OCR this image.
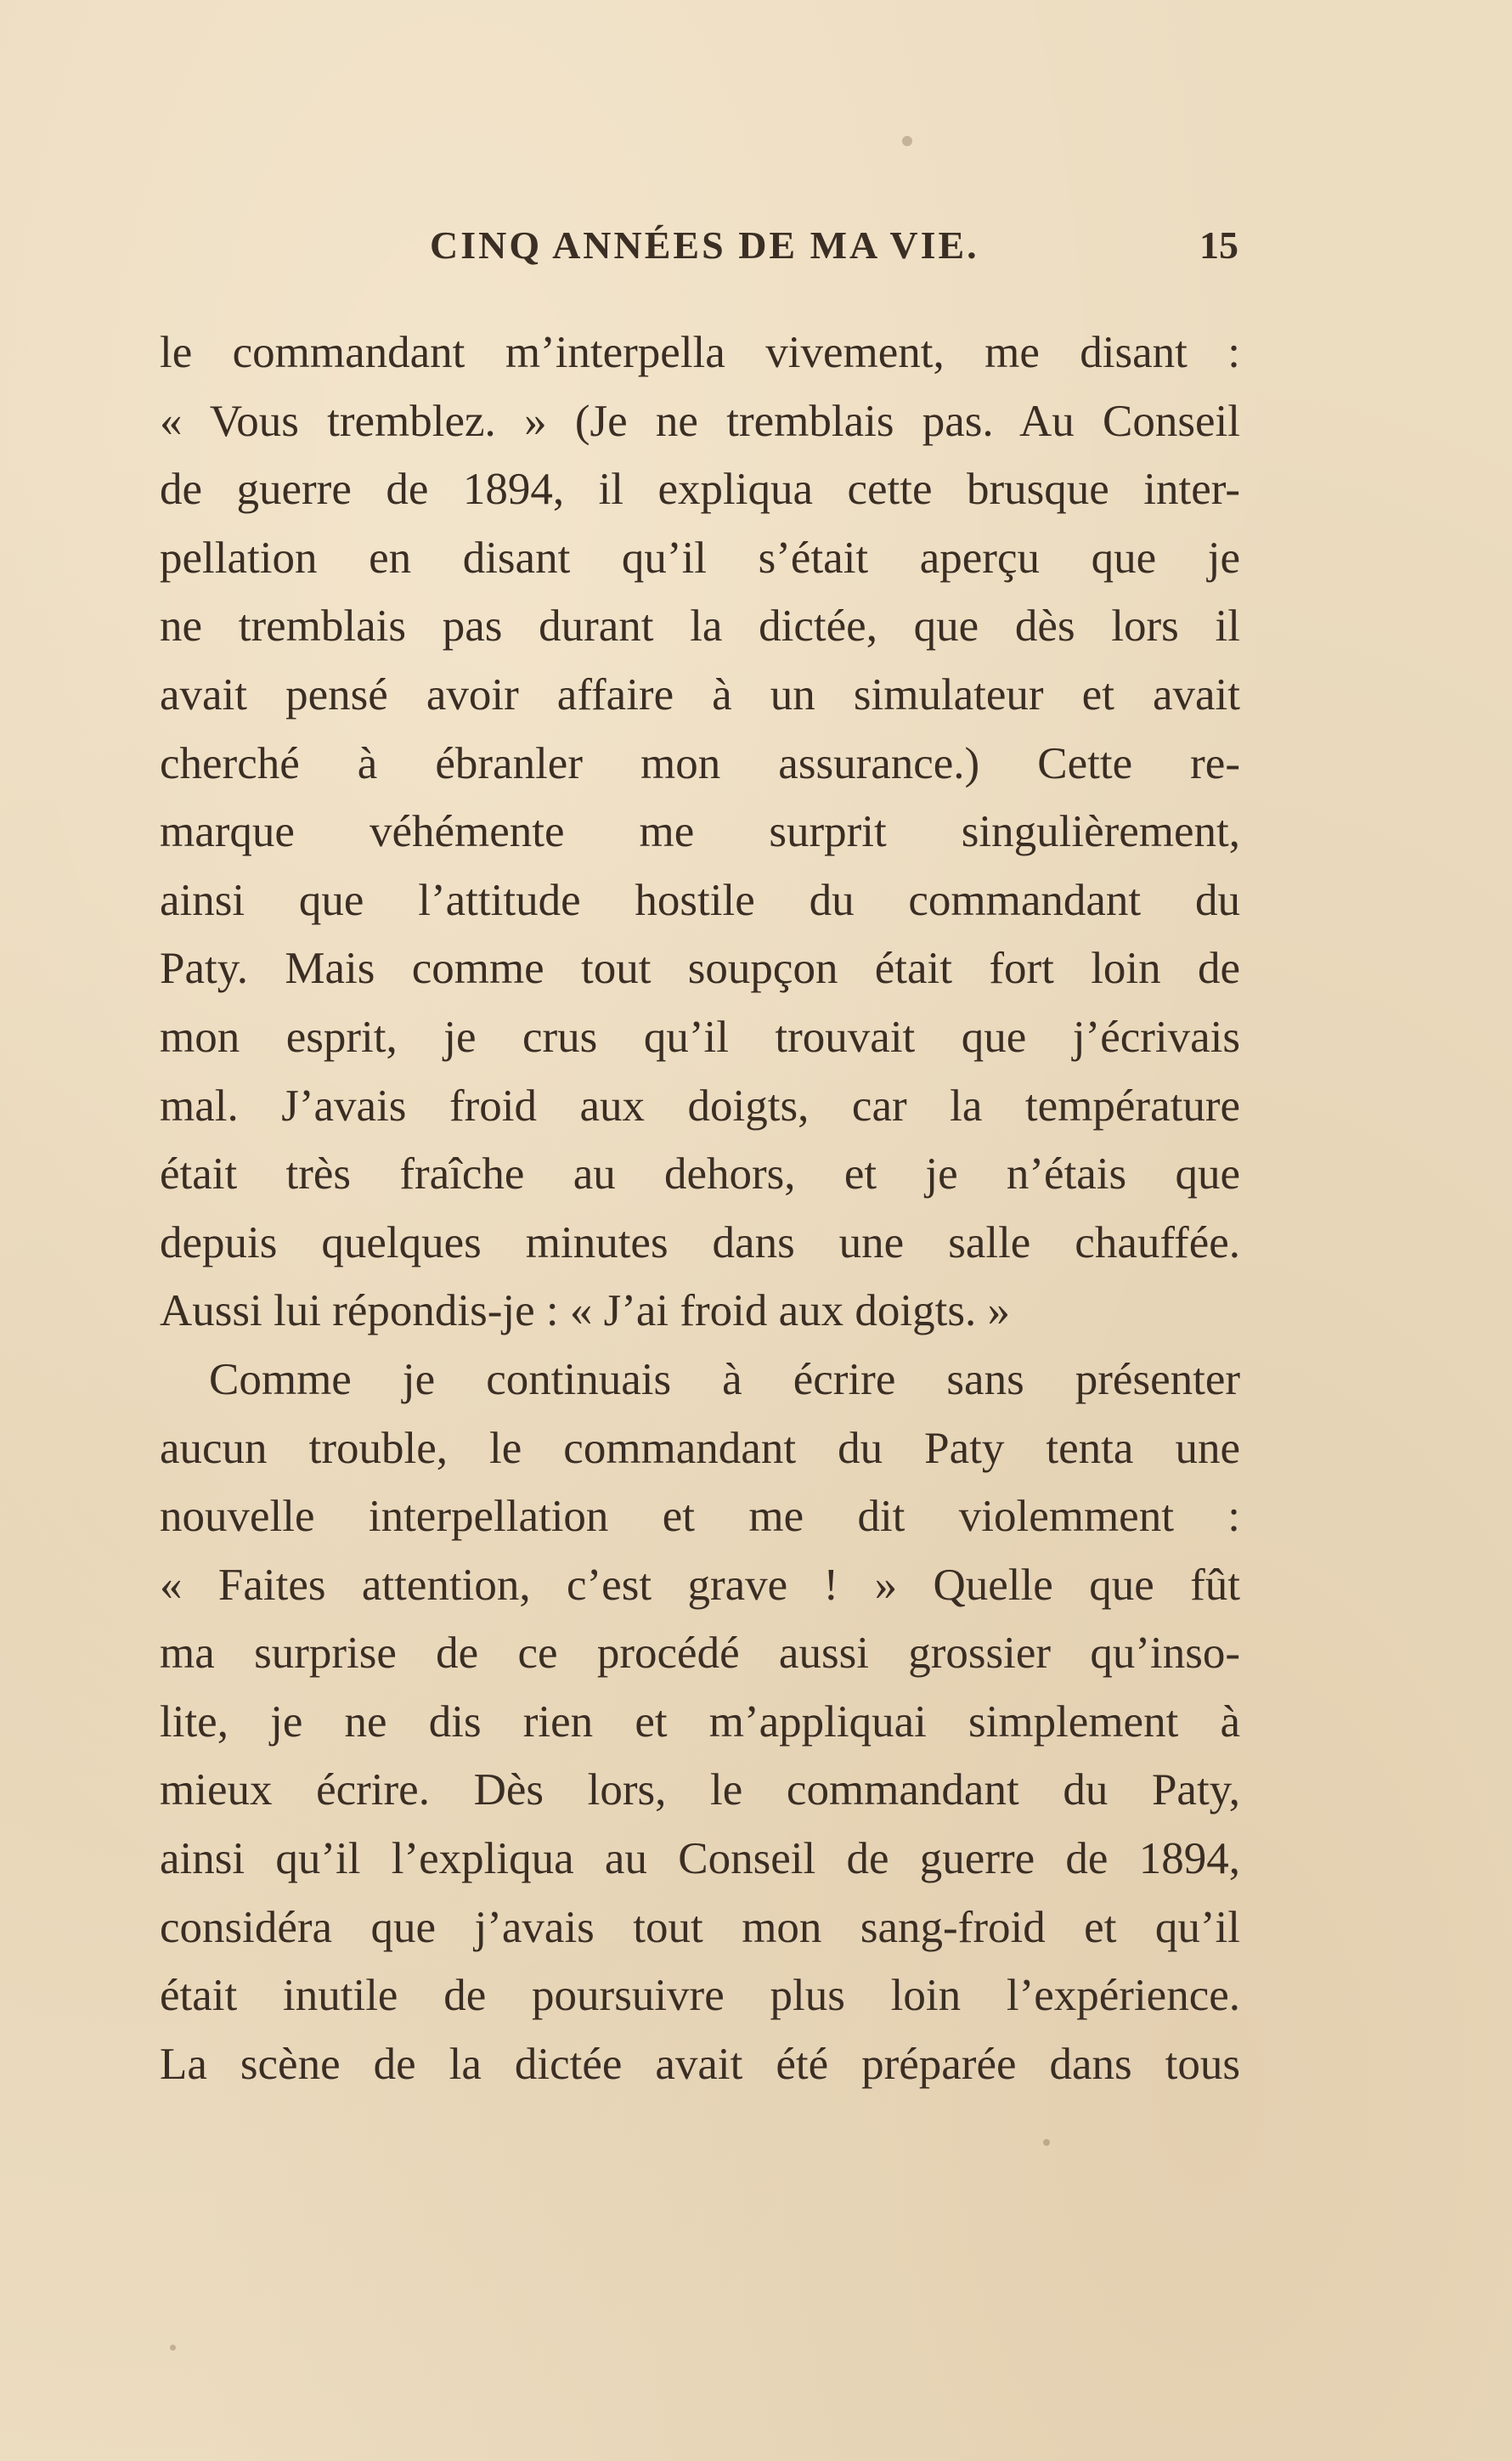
CINQ ANNÉES DE MA VIE.	15
le commandant m’interpella vivement, me disant :
« Vous tremblez. » (Je ne tremblais pas. Au Conseil
de guerre de 1894, il expliqua cette brusque inter-
pellation en disant qu’il s’était aperçu que je
ne tremblais pas durant la dictée, que dès lors il
avait pensé avoir affaire à un simulateur et avait
cherché à ébranler mon assurance.) Cette re-
marque véhémente me surprit singulièrement,
ainsi que l’attitude hostile du commandant du
Paty. Mais comme tout soupçon était fort loin de
mon esprit, je crus qu’il trouvait que j’écrivais
mal. J’avais froid aux doigts, car la température
était très fraîche au dehors, et je n’étais que
depuis quelques minutes dans une salle chauffée.
Aussi lui répondis-je : « J’ai froid aux doigts. »
Comme je continuais à écrire sans présenter
aucun trouble, le commandant du Paty tenta une
nouvelle interpellation et me dit violemment :
« Faites attention, c’est grave ! » Quelle que fût
ma surprise de ce procédé aussi grossier qu’inso-
lite, je ne dis rien et m’appliquai simplement à
mieux écrire. Dès lors, le commandant du Paty,
ainsi qu’il l’expliqua au Conseil de guerre de 1894,
considéra que j’avais tout mon sang-froid et qu’il
était inutile de poursuivre plus loin l’expérience.
La scène de la dictée avait été préparée dans tous
